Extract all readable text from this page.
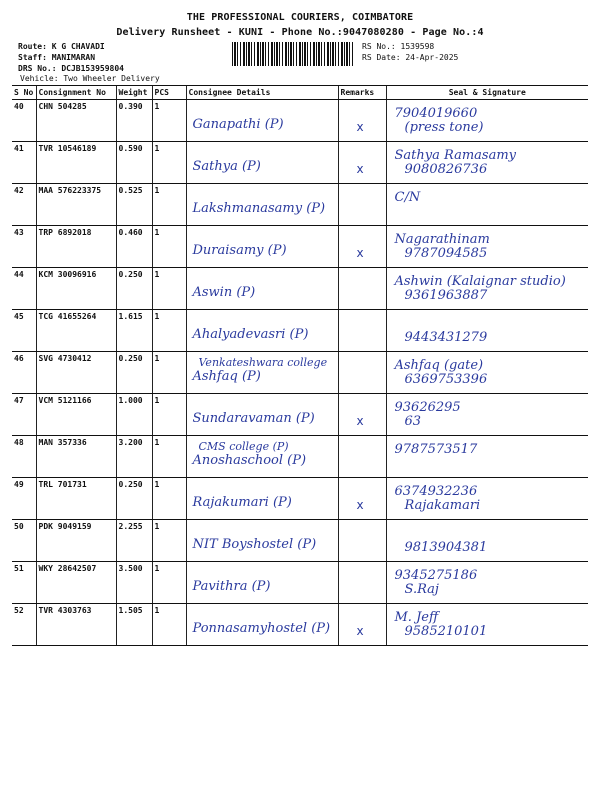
THE PROFESSIONAL COURIERS, COIMBATORE
Delivery Runsheet - KUNI - Phone No.:9047080280 - Page No.:4
Route: K G CHAVADI
Staff: MANIMARAN
DRS No.: DCJB153959804
Vehicle: Two Wheeler Delivery
RS No.: 1539598
RS Date: 24-Apr-2025
S No	Consignment No	Weight	PCS	Consignee Details	Remarks	Seal & Signature
40	CHN 504285	0.390	1	Ganapathi (P)	x	7904019660
(press tone)

41	TVR 10546189	0.590	1	Sathya (P)	x	Sathya Ramasamy
9080826736

42	MAA 576223375	0.525	1	Lakshmanasamy (P)		C/N

43	TRP 6892018	0.460	1	Duraisamy (P)	x	Nagarathinam
9787094585

44	KCM 30096916	0.250	1	Aswin (P)		Ashwin (Kalaignar studio)
9361963887

45	TCG 41655264	1.615	1	Ahalyadevasri (P)		9443431279

46	SVG 4730412	0.250	1	Venkateshwara college
Ashfaq (P)		Ashfaq (gate)
6369753396

47	VCM 5121166	1.000	1	Sundaravaman (P)	x	93626295
63

48	MAN 357336	3.200	1	CMS college (P)
Anoshaschool (P)		9787573517

49	TRL 701731	0.250	1	Rajakumari (P)	x	6374932236
Rajakamari

50	PDK 9049159	2.255	1	NIT Boyshostel (P)		9813904381

51	WKY 28642507	3.500	1	Pavithra (P)		9345275186
S.Raj

52	TVR 4303763	1.505	1	Ponnasamyhostel (P)	x	M. Jeff
9585210101
